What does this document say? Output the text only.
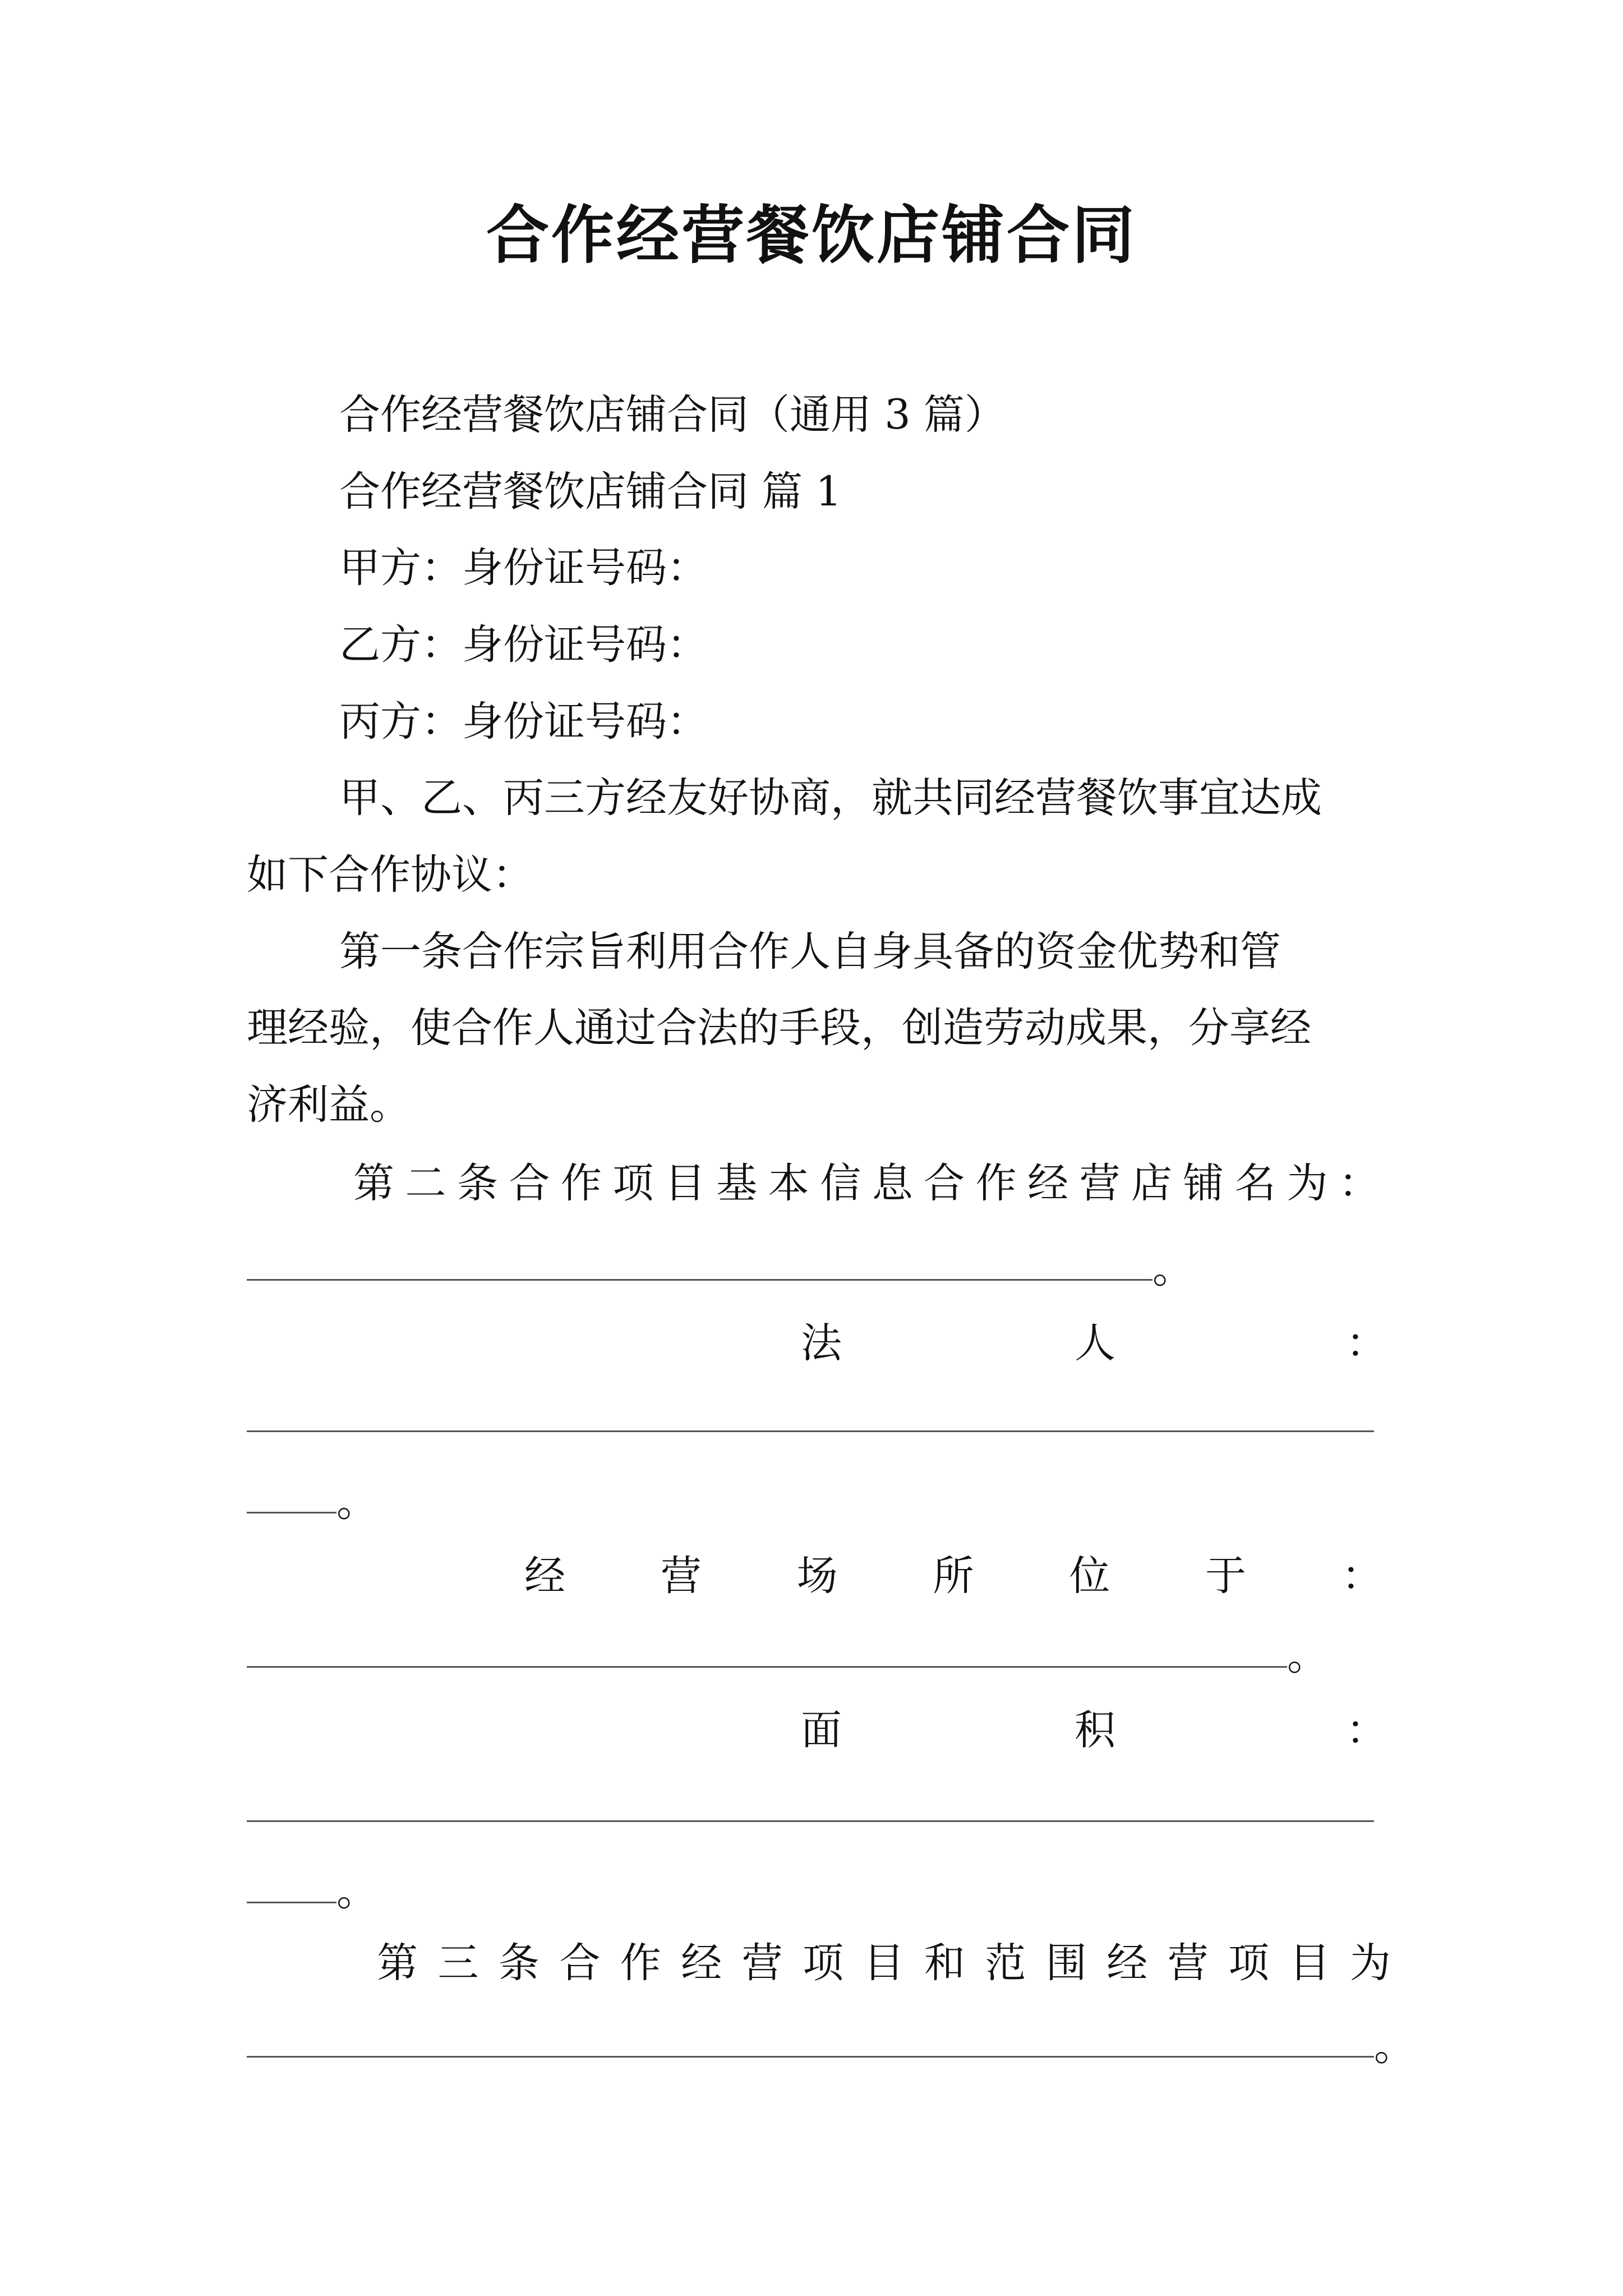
合作经营餐饮店铺合同
合作经营餐饮店铺合同（通用 3 篇）
合作经营餐饮店铺合同 篇 1
甲方：身份证号码：
乙方：身份证号码：
丙方：身份证号码：
甲、乙、丙三方经友好协商，就共同经营餐饮事宜达成
如下合作协议：
第一条合作宗旨利用合作人自身具备的资金优势和管
理经验，使合作人通过合法的手段，创造劳动成果，分享经
济利益。
第 二 条 合 作 项 目 基 本 信 息 合 作 经 营 店 铺 名 为 ：
。
法	人	：
。
经 营 场 所 位 于 ：
。
面	积	：
。
第 三 条 合 作 经 营 项 目 和 范 围 经 营 项 目 为
。
